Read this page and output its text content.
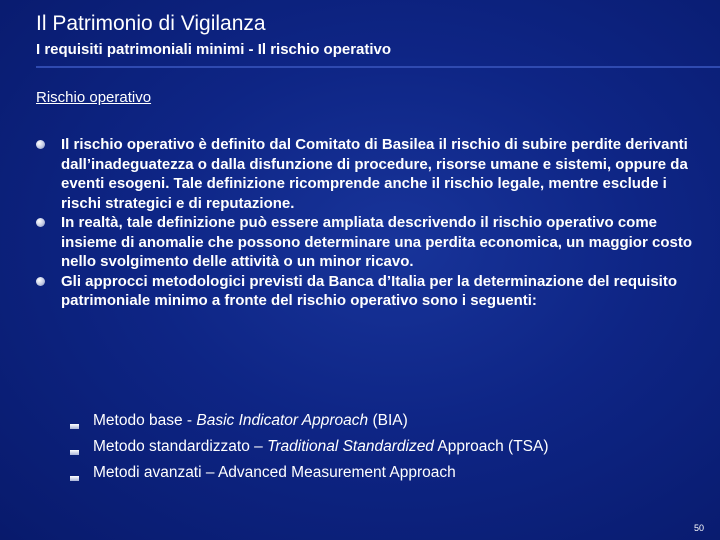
Il Patrimonio di Vigilanza
I requisiti patrimoniali minimi - Il rischio operativo
Rischio operativo
Il rischio operativo è definito dal Comitato di Basilea il rischio di subire perdite derivanti dall’inadeguatezza o dalla disfunzione di procedure, risorse umane e sistemi, oppure da eventi esogeni. Tale definizione ricomprende anche il rischio legale, mentre esclude i rischi strategici e di reputazione.
In realtà, tale definizione può essere ampliata descrivendo il rischio operativo come insieme di anomalie che possono determinare una perdita economica, un maggior costo nello svolgimento delle attività o un minor ricavo.
Gli approcci metodologici previsti da Banca d’Italia per la determinazione del requisito patrimoniale minimo a fronte del rischio operativo sono i seguenti:
Metodo base - Basic Indicator Approach (BIA)
Metodo standardizzato – Traditional Standardized Approach (TSA)
Metodi avanzati – Advanced Measurement Approach
50
